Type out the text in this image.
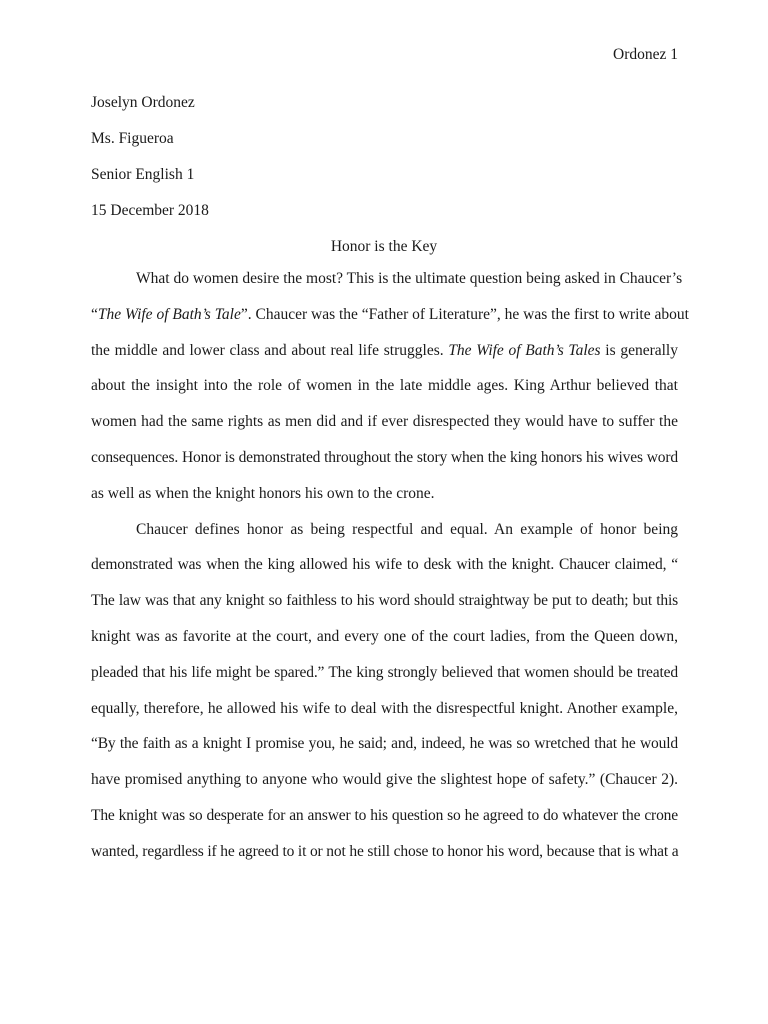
Ordonez 1
Joselyn Ordonez
Ms. Figueroa
Senior English 1
15 December 2018
Honor is the Key
What do women desire the most? This is the ultimate question being asked in Chaucer’s
“The Wife of Bath’s Tale”. Chaucer was the “Father of Literature”, he was the first to write about
the middle and lower class and about real life struggles. The Wife of Bath’s Tales is generally
about the insight into the role of women in the late middle ages. King Arthur believed that
women had the same rights as men did and if ever disrespected they would have to suffer the
consequences. Honor is demonstrated throughout the story when the king honors his wives word
as well as when the knight honors his own to the crone.
Chaucer defines honor as being respectful and equal. An example of honor being
demonstrated was when the king allowed his wife to desk with the knight. Chaucer claimed, “
The law was that any knight so faithless to his word should straightway be put to death; but this
knight was as favorite at the court, and every one of the court ladies, from the Queen down,
pleaded that his life might be spared.” The king strongly believed that women should be treated
equally, therefore, he allowed his wife to deal with the disrespectful knight. Another example,
“By the faith as a knight I promise you, he said; and, indeed, he was so wretched that he would
have promised anything to anyone who would give the slightest hope of safety.” (Chaucer 2).
The knight was so desperate for an answer to his question so he agreed to do whatever the crone
wanted, regardless if he agreed to it or not he still chose to honor his word, because that is what a
